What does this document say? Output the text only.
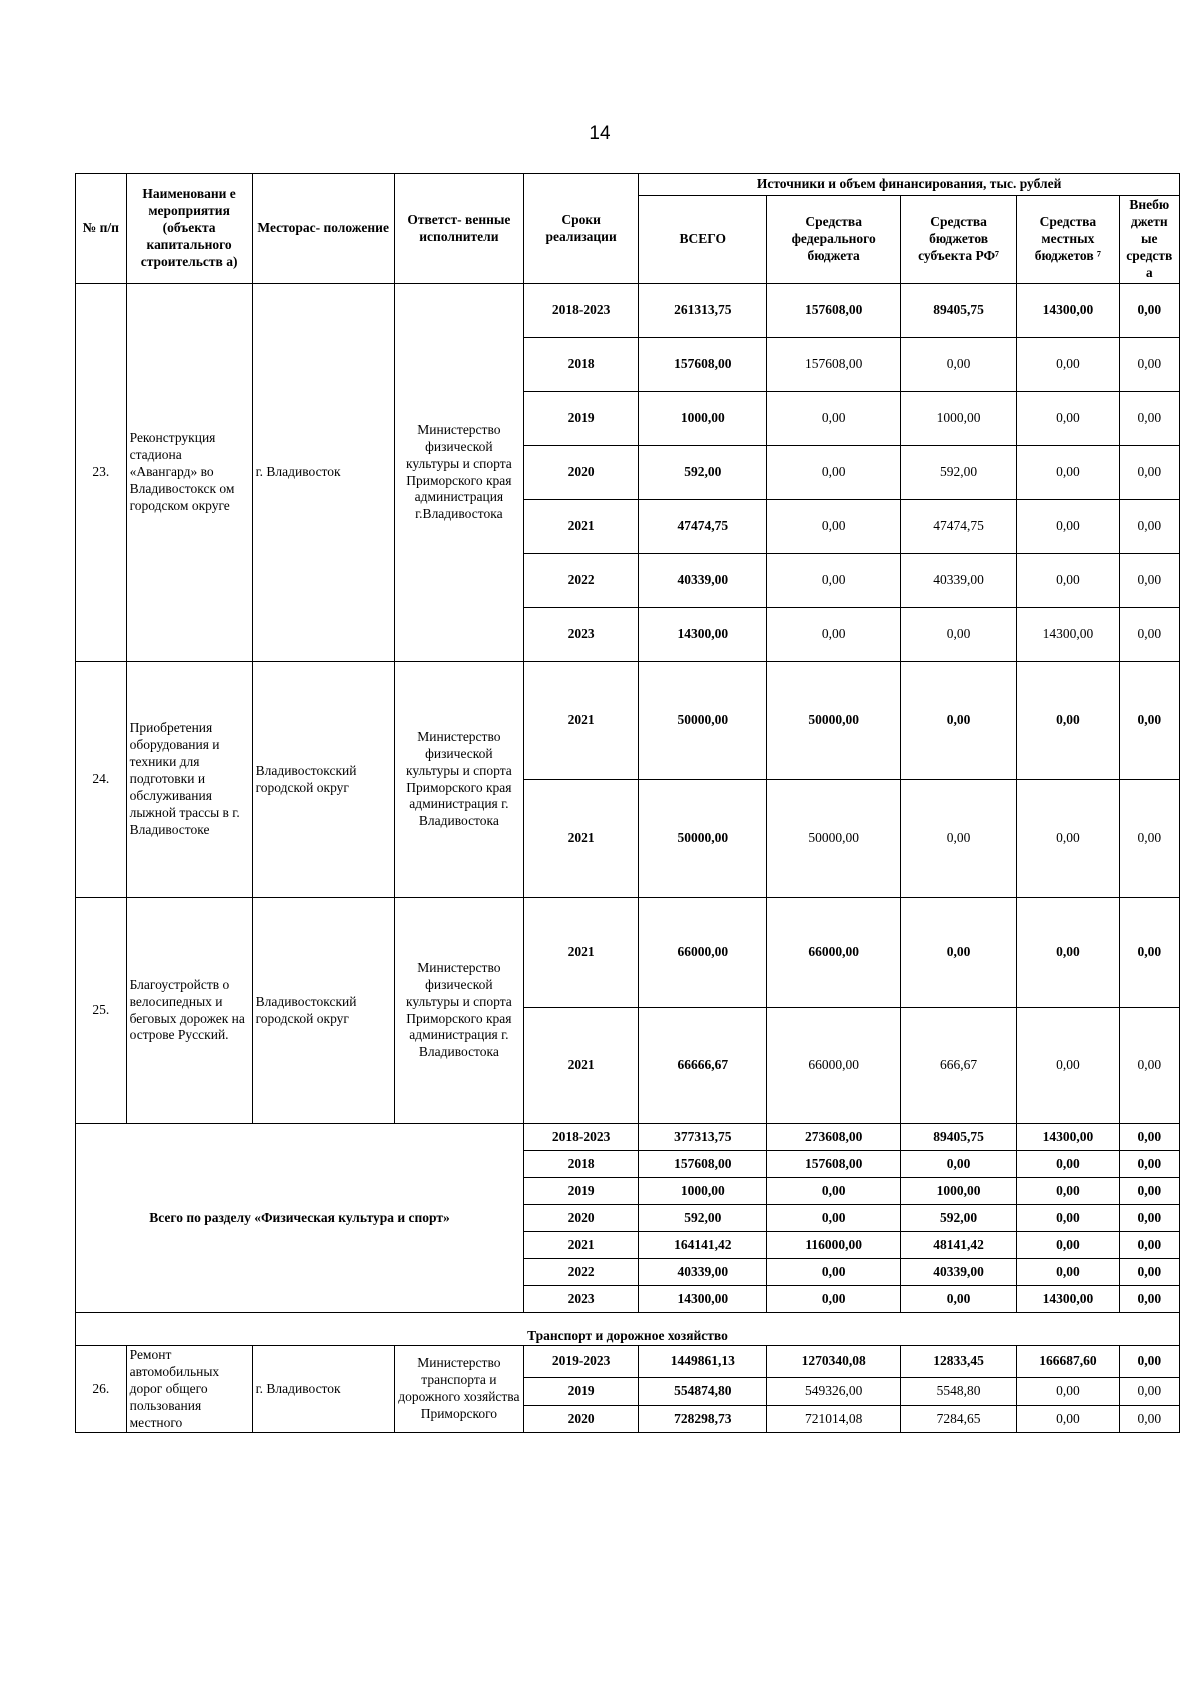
14
№ п/п	Наименовани е мероприятия (объекта капитального строительств а)	Месторас- положение	Ответст- венные исполнители	Сроки реализации	Источники и объем финансирования, тыс. рублей				
					ВСЕГО	Средства федерального бюджета	Средства бюджетов субъекта РФ⁷	Средства местных бюджетов ⁷	Внебю джетн ые средств а
23.	Реконструкция стадиона «Авангард» во Владивостокск ом городском округе	г. Владивосток	Министерство физической культуры и спорта Приморского края администрация г.Владивостока	2018-2023	261313,75	157608,00	89405,75	14300,00	0,00
				2018	157608,00	157608,00	0,00	0,00	0,00
				2019	1000,00	0,00	1000,00	0,00	0,00
				2020	592,00	0,00	592,00	0,00	0,00
				2021	47474,75	0,00	47474,75	0,00	0,00
				2022	40339,00	0,00	40339,00	0,00	0,00
				2023	14300,00	0,00	0,00	14300,00	0,00
24.	Приобретения оборудования и техники для подготовки и обслуживания лыжной трассы в г. Владивостоке	Владивостокский городской округ	Министерство физической культуры и спорта Приморского края администрация г. Владивостока	2021	50000,00	50000,00	0,00	0,00	0,00
				2021	50000,00	50000,00	0,00	0,00	0,00
25.	Благоустройств о велосипедных и беговых дорожек на острове Русский.	Владивостокский городской округ	Министерство физической культуры и спорта Приморского края администрация г. Владивостока	2021	66000,00	66000,00	0,00	0,00	0,00
				2021	66666,67	66000,00	666,67	0,00	0,00
Всего по разделу «Физическая культура и спорт»				2018-2023	377313,75	273608,00	89405,75	14300,00	0,00
				2018	157608,00	157608,00	0,00	0,00	0,00
				2019	1000,00	0,00	1000,00	0,00	0,00
				2020	592,00	0,00	592,00	0,00	0,00
				2021	164141,42	116000,00	48141,42	0,00	0,00
				2022	40339,00	0,00	40339,00	0,00	0,00
				2023	14300,00	0,00	0,00	14300,00	0,00
Транспорт и дорожное хозяйство									
26.	Ремонт автомобильных дорог общего пользования местного	г. Владивосток	Министерство транспорта и дорожного хозяйства Приморского	2019-2023	1449861,13	1270340,08	12833,45	166687,60	0,00
				2019	554874,80	549326,00	5548,80	0,00	0,00
				2020	728298,73	721014,08	7284,65	0,00	0,00
